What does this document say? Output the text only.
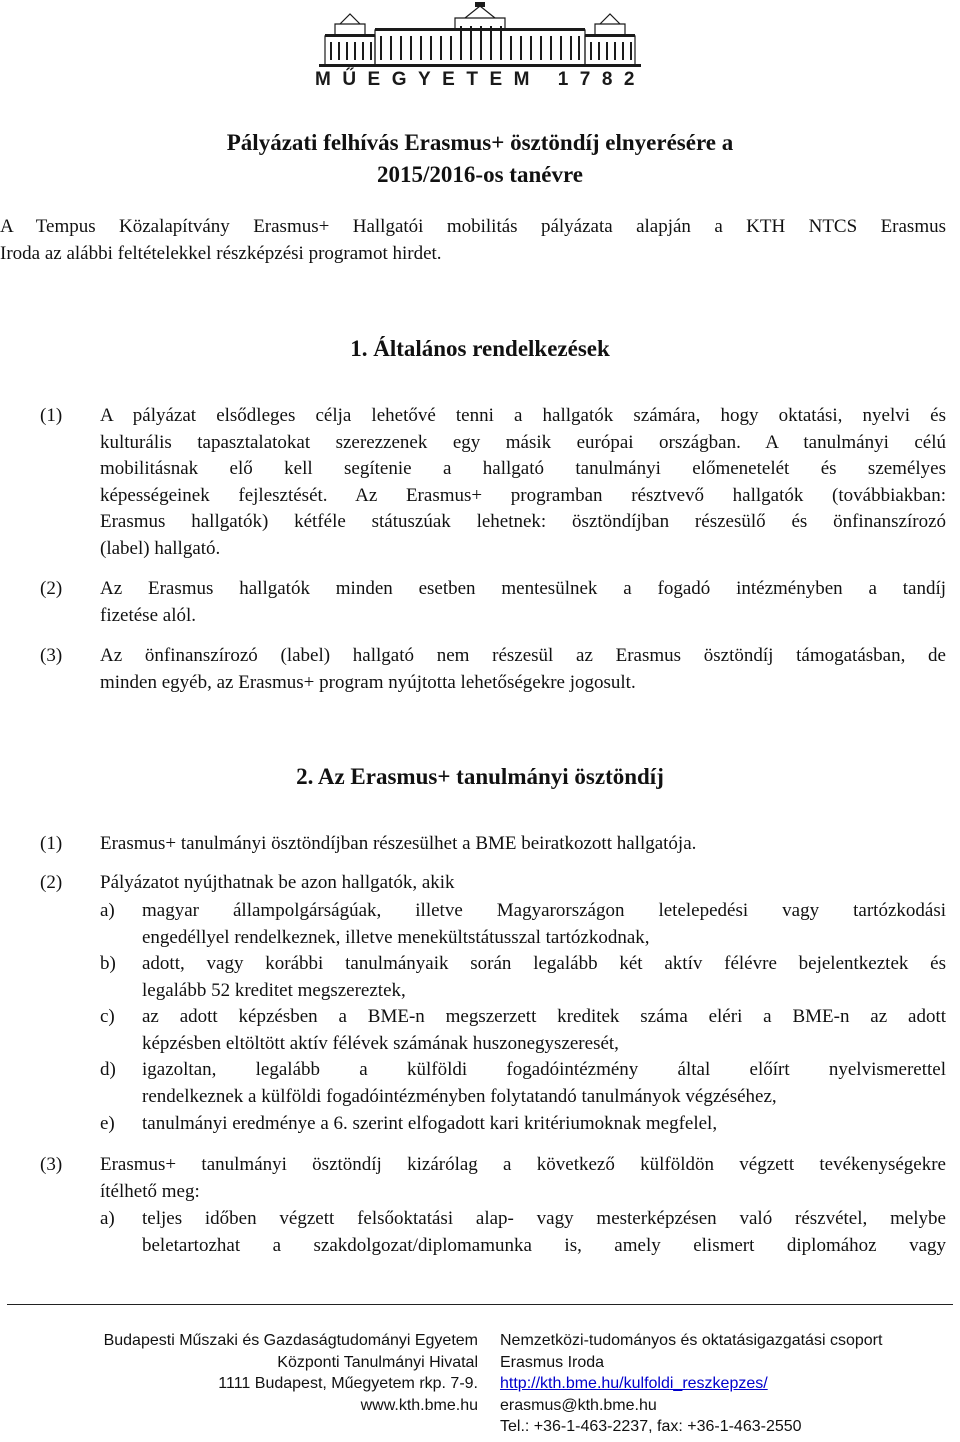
MŰEGYETEM 1782
Pályázati felhívás Erasmus+ ösztöndíj elnyerésére a
2015/2016-os tanévre
A Tempus Közalapítvány Erasmus+ Hallgatói mobilitás pályázata alapján a KTH NTCS Erasmus
Iroda az alábbi feltételekkel részképzési programot hirdet.
1. Általános rendelkezések
(1) A pályázat elsődleges célja lehetővé tenni a hallgatók számára, hogy oktatási, nyelvi és
kulturális tapasztalatokat szerezzenek egy másik európai országban. A tanulmányi célú
mobilitásnak elő kell segítenie a hallgató tanulmányi előmenetelét és személyes
képességeinek fejlesztését. Az Erasmus+ programban résztvevő hallgatók (továbbiakban:
Erasmus hallgatók) kétféle státuszúak lehetnek: ösztöndíjban részesülő és önfinanszírozó
(label) hallgató.
(2) Az Erasmus hallgatók minden esetben mentesülnek a fogadó intézményben a tandíj
fizetése alól.
(3) Az önfinanszírozó (label) hallgató nem részesül az Erasmus ösztöndíj támogatásban, de
minden egyéb, az Erasmus+ program nyújtotta lehetőségekre jogosult.
2. Az Erasmus+ tanulmányi ösztöndíj
(1) Erasmus+ tanulmányi ösztöndíjban részesülhet a BME beiratkozott hallgatója.
(2) Pályázatot nyújthatnak be azon hallgatók, akik
a) magyar állampolgárságúak, illetve Magyarországon letelepedési vagy tartózkodási
engedéllyel rendelkeznek, illetve menekültstátusszal tartózkodnak,
b) adott, vagy korábbi tanulmányaik során legalább két aktív félévre bejelentkeztek és
legalább 52 kreditet megszereztek,
c) az adott képzésben a BME-n megszerzett kreditek száma eléri a BME-n az adott
képzésben eltöltött aktív félévek számának huszonegyszeresét,
d) igazoltan, legalább a külföldi fogadóintézmény által előírt nyelvismerettel
rendelkeznek a külföldi fogadóintézményben folytatandó tanulmányok végzéséhez,
e) tanulmányi eredménye a 6. szerint elfogadott kari kritériumoknak megfelel,
(3) Erasmus+ tanulmányi ösztöndíj kizárólag a következő külföldön végzett tevékenységekre
ítélhető meg:
a) teljes időben végzett felsőoktatási alap- vagy mesterképzésen való részvétel, melybe
beletartozhat a szakdolgozat/diplomamunka is, amely elismert diplomához vagy
Budapesti Műszaki és Gazdaságtudományi Egyetem
Központi Tanulmányi Hivatal
1111 Budapest, Műegyetem rkp. 7-9.
www.kth.bme.hu
Nemzetközi-tudományos és oktatásigazgatási csoport
Erasmus Iroda
http://kth.bme.hu/kulfoldi_reszkepzes/
erasmus@kth.bme.hu
Tel.: +36-1-463-2237, fax: +36-1-463-2550
